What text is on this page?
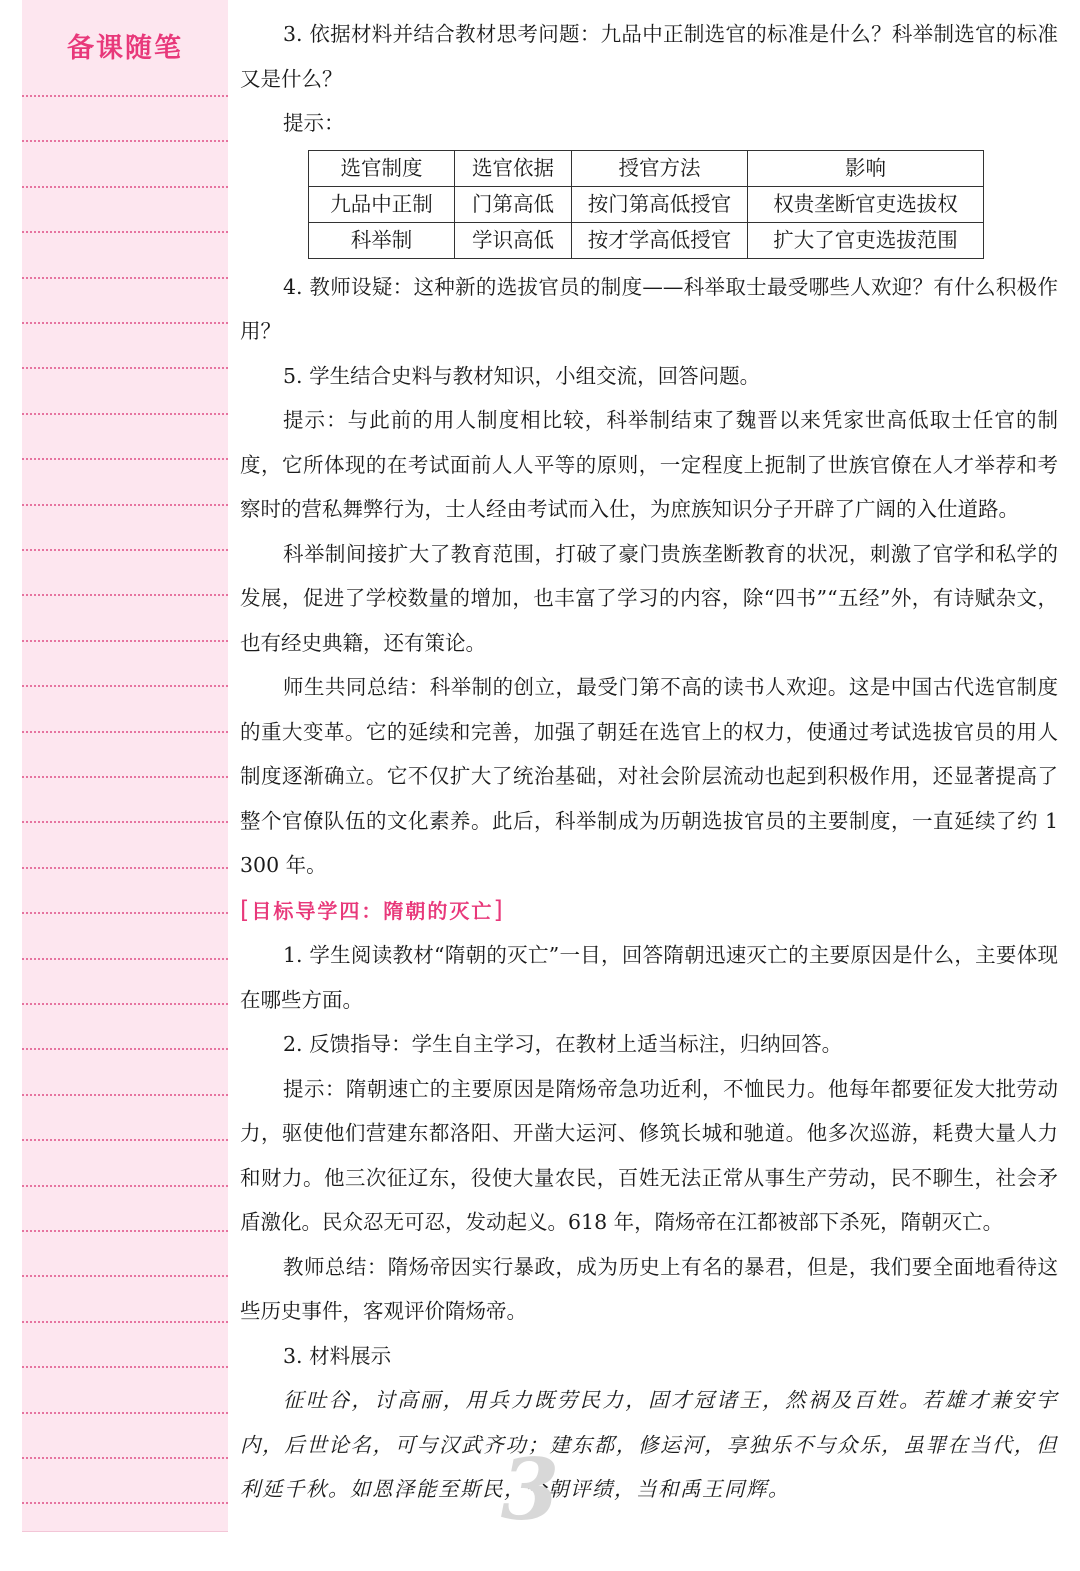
备课随笔	3. 依据材料并结合教材思考问题：九品中正制选官的标准是什么？科举制选官的标准又是什么？

提示：

选官制度	选官依据	授官方法	影响
九品中正制	门第高低	按门第高低授官	权贵垄断官吏选拔权
科举制	学识高低	按才学高低授官	扩大了官吏选拔范围

4. 教师设疑：这种新的选拔官员的制度——科举取士最受哪些人欢迎？有什么积极作用？

5. 学生结合史料与教材知识，小组交流，回答问题。

提示：与此前的用人制度相比较，科举制结束了魏晋以来凭家世高低取士任官的制度，它所体现的在考试面前人人平等的原则，一定程度上扼制了世族官僚在人才举荐和考察时的营私舞弊行为，士人经由考试而入仕，为庶族知识分子开辟了广阔的入仕道路。

科举制间接扩大了教育范围，打破了豪门贵族垄断教育的状况，刺激了官学和私学的发展，促进了学校数量的增加，也丰富了学习的内容，除“四书”“五经”外，有诗赋杂文，也有经史典籍，还有策论。

师生共同总结：科举制的创立，最受门第不高的读书人欢迎。这是中国古代选官制度的重大变革。它的延续和完善，加强了朝廷在选官上的权力，使通过考试选拔官员的用人制度逐渐确立。它不仅扩大了统治基础，对社会阶层流动也起到积极作用，还显著提高了整个官僚队伍的文化素养。此后，科举制成为历朝选拔官员的主要制度，一直延续了约 1 300 年。

[目标导学四：隋朝的灭亡]

1. 学生阅读教材“隋朝的灭亡”一目，回答隋朝迅速灭亡的主要原因是什么，主要体现在哪些方面。

2. 反馈指导：学生自主学习，在教材上适当标注，归纳回答。

提示：隋朝速亡的主要原因是隋炀帝急功近利，不恤民力。他每年都要征发大批劳动力，驱使他们营建东都洛阳、开凿大运河、修筑长城和驰道。他多次巡游，耗费大量人力和财力。他三次征辽东，役使大量农民，百姓无法正常从事生产劳动，民不聊生，社会矛盾激化。民众忍无可忍，发动起义。618 年，隋炀帝在江都被部下杀死，隋朝灭亡。

教师总结：隋炀帝因实行暴政，成为历史上有名的暴君，但是，我们要全面地看待这些历史事件，客观评价隋炀帝。

3. 材料展示

征吐谷，讨高丽，用兵力既劳民力，固才冠诸王，然祸及百姓。若雄才兼安宇内，后世论名，可与汉武齐功；建东都，修运河，享独乐不与众乐，虽罪在当代，但利延千秋。如恩泽能至斯民，今朝评绩，当和禹王同辉。

3
